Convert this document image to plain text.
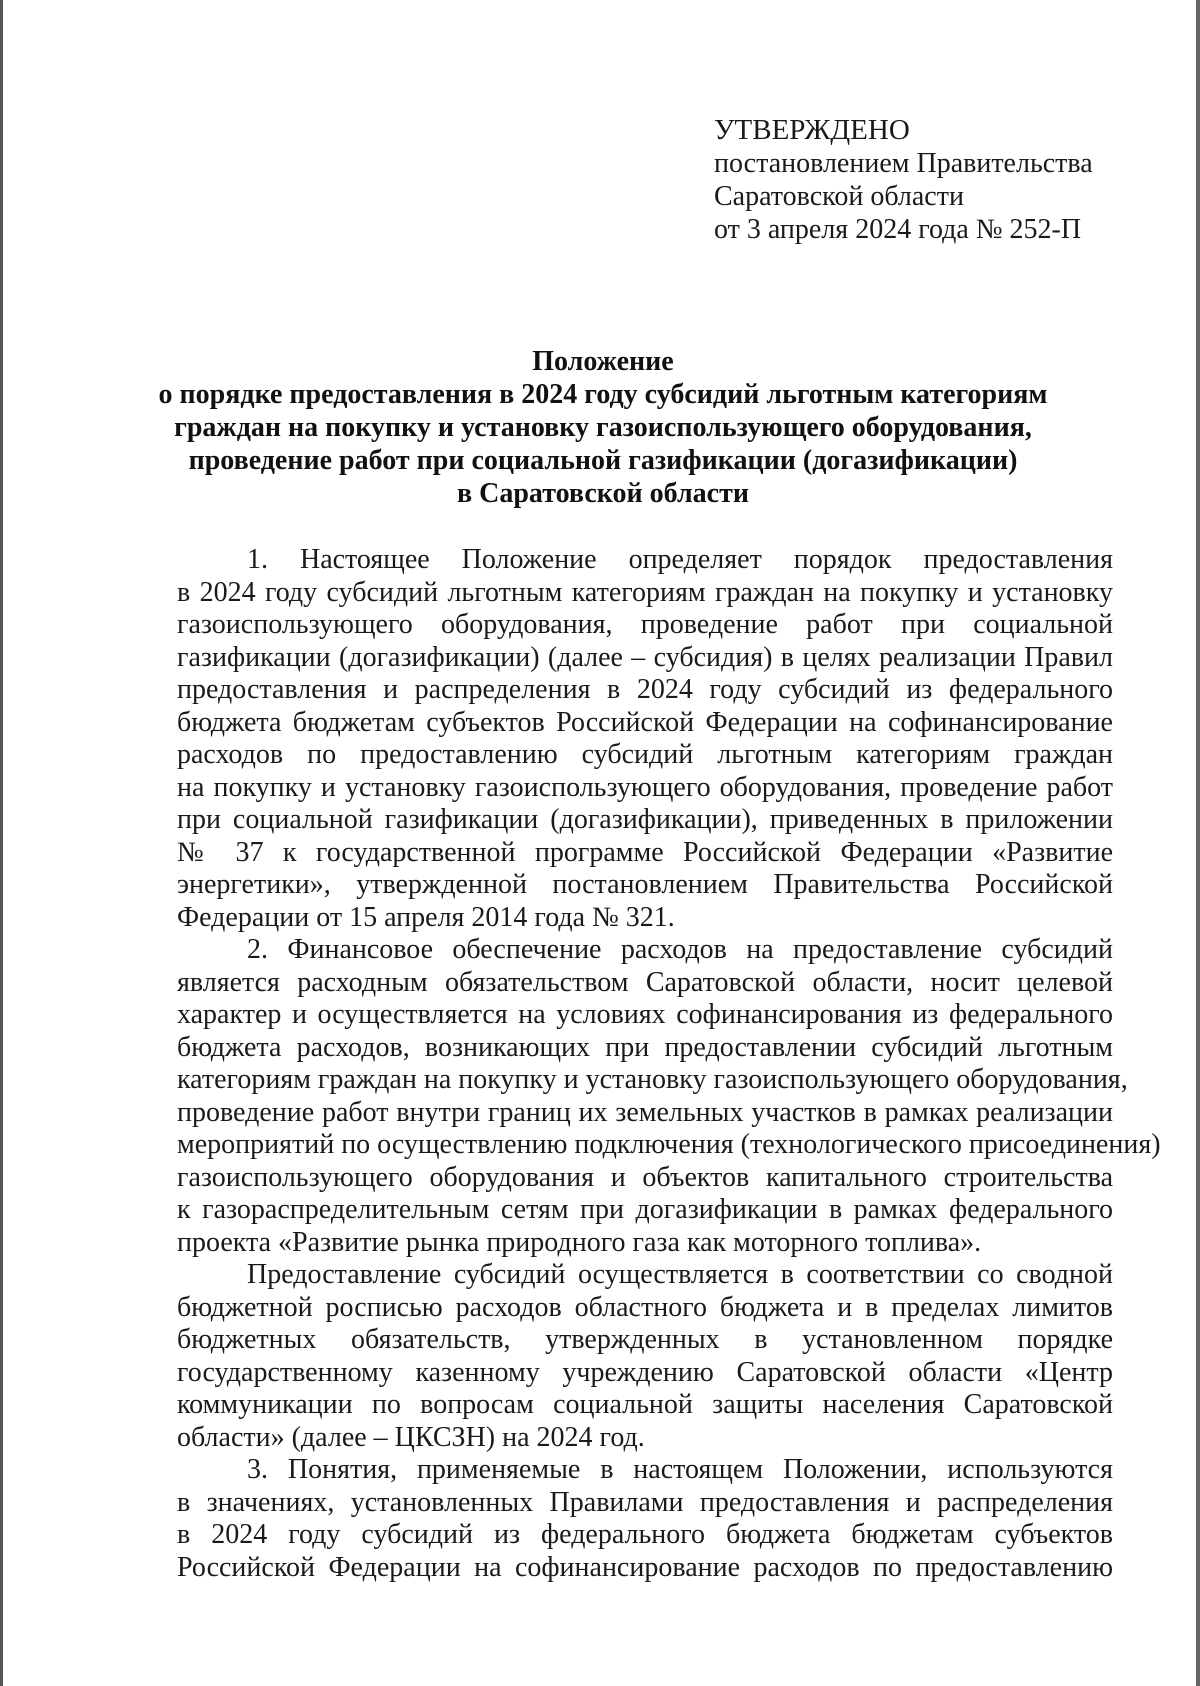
УТВЕРЖДЕНО
постановлением Правительства
Саратовской области
от 3 апреля 2024 года № 252-П
Положение
о порядке предоставления в 2024 году субсидий льготным категориям
граждан на покупку и установку газоиспользующего оборудования,
проведение работ при социальной газификации (догазификации)
в Саратовской области
1. Настоящее Положение определяет порядок предоставления
в 2024 году субсидий льготным категориям граждан на покупку и установку
газоиспользующего оборудования, проведение работ при социальной
газификации (догазификации) (далее – субсидия) в целях реализации Правил
предоставления и распределения в 2024 году субсидий из федерального
бюджета бюджетам субъектов Российской Федерации на софинансирование
расходов по предоставлению субсидий льготным категориям граждан
на покупку и установку газоиспользующего оборудования, проведение работ
при социальной газификации (догазификации), приведенных в приложении
№ 37 к государственной программе Российской Федерации «Развитие
энергетики», утвержденной постановлением Правительства Российской
Федерации от 15 апреля 2014 года № 321.
2. Финансовое обеспечение расходов на предоставление субсидий
является расходным обязательством Саратовской области, носит целевой
характер и осуществляется на условиях софинансирования из федерального
бюджета расходов, возникающих при предоставлении субсидий льготным
категориям граждан на покупку и установку газоиспользующего оборудования,
проведение работ внутри границ их земельных участков в рамках реализации
мероприятий по осуществлению подключения (технологического присоединения)
газоиспользующего оборудования и объектов капитального строительства
к газораспределительным сетям при догазификации в рамках федерального
проекта «Развитие рынка природного газа как моторного топлива».
Предоставление субсидий осуществляется в соответствии со сводной
бюджетной росписью расходов областного бюджета и в пределах лимитов
бюджетных обязательств, утвержденных в установленном порядке
государственному казенному учреждению Саратовской области «Центр
коммуникации по вопросам социальной защиты населения Саратовской
области» (далее – ЦКСЗН) на 2024 год.
3. Понятия, применяемые в настоящем Положении, используются
в значениях, установленных Правилами предоставления и распределения
в 2024 году субсидий из федерального бюджета бюджетам субъектов
Российской Федерации на софинансирование расходов по предоставлению
